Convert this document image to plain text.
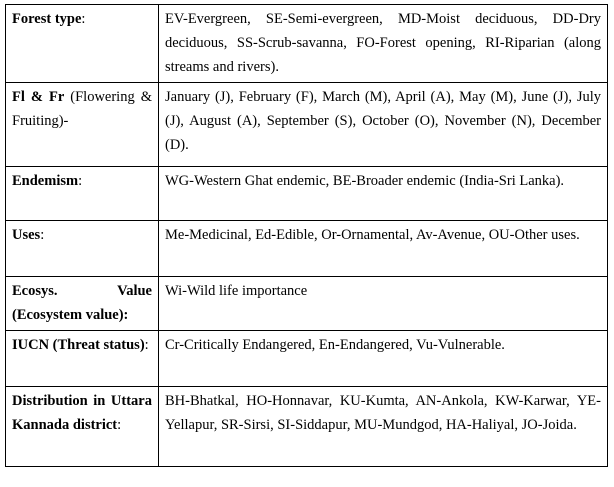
Forest type:	EV-Evergreen, SE-Semi-evergreen, MD-Moist deciduous, DD-Dry deciduous, SS-Scrub-savanna, FO-Forest opening, RI-Riparian (along streams and rivers).
Fl & Fr (Flowering & Fruiting)-	January (J), February (F), March (M), April (A), May (M), June (J), July (J), August (A), September (S), October (O), November (N), December (D).
Endemism:	WG-Western Ghat endemic, BE-Broader endemic (India-Sri Lanka).
Uses:	Me-Medicinal, Ed-Edible, Or-Ornamental, Av-Avenue, OU-Other uses.
Ecosys. Value (Ecosystem value):	Wi-Wild life importance
IUCN (Threat status):	Cr-Critically Endangered, En-Endangered, Vu-Vulnerable.
Distribution in Uttara Kannada district:	BH-Bhatkal, HO-Honnavar, KU-Kumta, AN-Ankola, KW-Karwar, YE-Yellapur, SR-Sirsi, SI-Siddapur, MU-Mundgod, HA-Haliyal, JO-Joida.
